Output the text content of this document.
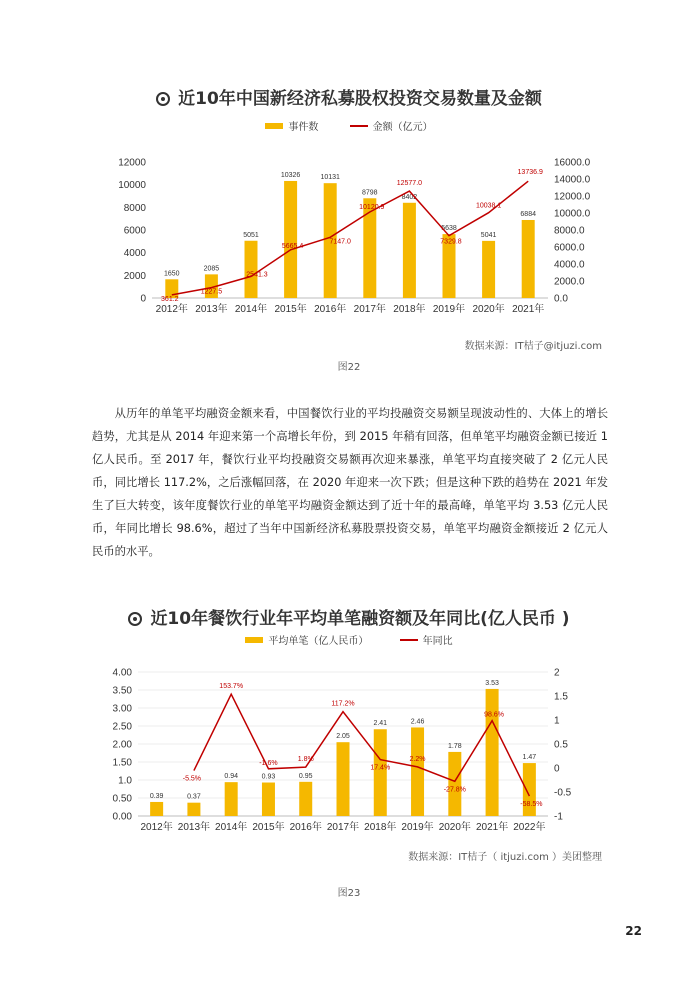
近10年中国新经济私募股权投资交易数量及金额
事件数	金额（亿元）
0
2000
4000
6000
8000
10000
12000
0.0
2000.0
4000.0
6000.0
8000.0
10000.0
12000.0
14000.0
16000.0
2012年 2013年 2014年 2015年 2016年 2017年 2018年 2019年 2020年 2021年
1650
2085
5051
10326	10131
8798
8402
5638
5041
6884
361.2
1227.5
2541.3
5665.4
7147.0
10120.9
12577.0
7329.8
10038.1
13736.9
数据来源：IT桔子@itjuzi.com
图22

从历年的单笔平均融资金额来看，中国餐饮行业的平均投融资交易额呈现波动性的、大体上的增长趋势，尤其是从 2014 年迎来第一个高增长年份，到 2015 年稍有回落，但单笔平均融资金额已接近 1 亿人民币。至 2017 年，餐饮行业平均投融资交易额再次迎来暴涨，单笔平均直接突破了 2 亿元人民币，同比增长 117.2%，之后涨幅回落，在 2020 年迎来一次下跌；但是这种下跌的趋势在 2021 年发生了巨大转变，该年度餐饮行业的单笔平均融资金额达到了近十年的最高峰，单笔平均 3.53 亿元人民币，年同比增长 98.6%，超过了当年中国新经济私募股票投资交易，单笔平均融资金额接近 2 亿元人民币的水平。

近10年餐饮行业年平均单笔融资额及年同比(亿人民币 )
平均单笔（亿人民币）	年同比
0.00
0.50
1.0
1.50
2.00
2.50
3.00
3.50
4.00
-1
-0.5
0
0.5
1
1.5
2
2012年 2013年 2014年 2015年 2016年 2017年 2018年 2019年 2020年 2021年 2022年
0.39	0.37
0.94	0.93	0.95
2.05
2.41	2.46
1.78
3.53
1.47
-5.5%
153.7%
-1.6%
1.8%
117.2%
17.4%
2.2%
-27.8%
98.6%
-58.5%
数据来源：IT桔子（ itjuzi.com ）美团整理
图23
22
